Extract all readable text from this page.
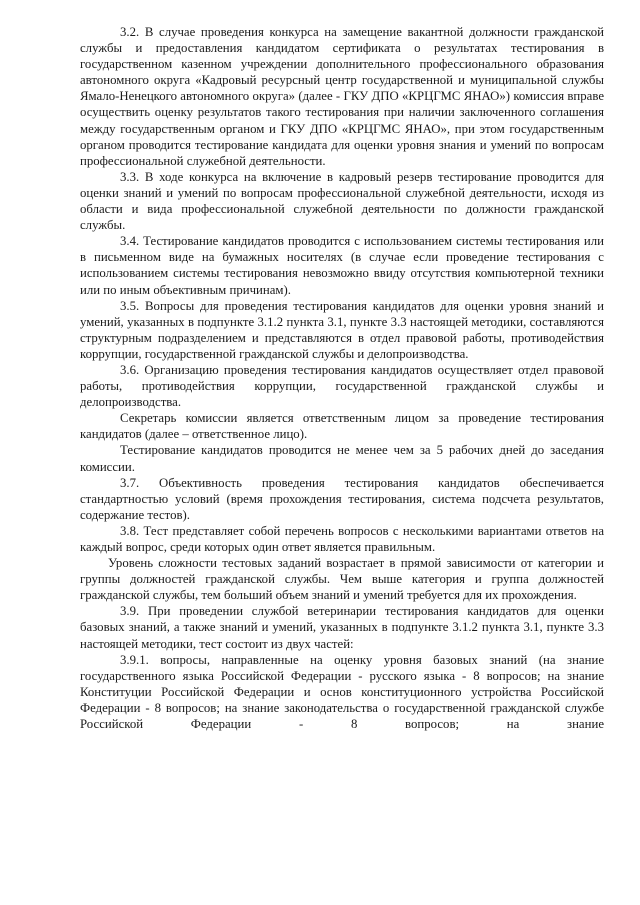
3.2. В случае проведения конкурса на замещение вакантной должности гражданской службы и предоставления кандидатом сертификата о результатах тестирования в государственном казенном учреждении дополнительного профессионального образования автономного округа «Кадровый ресурсный центр государственной и муниципальной службы Ямало-Ненецкого автономного округа» (далее - ГКУ ДПО «КРЦГМС ЯНАО») комиссия вправе осуществить оценку результатов такого тестирования при наличии заключенного соглашения между государственным органом и ГКУ ДПО «КРЦГМС ЯНАО», при этом государственным органом проводится тестирование кандидата для оценки уровня знания и умений по вопросам профессиональной служебной деятельности.

3.3. В ходе конкурса на включение в кадровый резерв тестирование проводится для оценки знаний и умений по вопросам профессиональной служебной деятельности, исходя из области и вида профессиональной служебной деятельности по должности гражданской службы.

3.4. Тестирование кандидатов проводится с использованием системы тестирования или в письменном виде на бумажных носителях (в случае если проведение тестирования с использованием системы тестирования невозможно ввиду отсутствия компьютерной техники или по иным объективным причинам).

3.5. Вопросы для проведения тестирования кандидатов для оценки уровня знаний и умений, указанных в подпункте 3.1.2 пункта 3.1, пункте 3.3 настоящей методики, составляются структурным подразделением и представляются в отдел правовой работы, противодействия коррупции, государственной гражданской службы и делопроизводства.

3.6. Организацию проведения тестирования кандидатов осуществляет отдел правовой работы, противодействия коррупции, государственной гражданской службы и делопроизводства.

Секретарь комиссии является ответственным лицом за проведение тестирования кандидатов (далее – ответственное лицо).

Тестирование кандидатов проводится не менее чем за 5 рабочих дней до заседания комиссии.

3.7. Объективность проведения тестирования кандидатов обеспечивается стандартностью условий (время прохождения тестирования, система подсчета результатов, содержание тестов).

3.8. Тест представляет собой перечень вопросов с несколькими вариантами ответов на каждый вопрос, среди которых один ответ является правильным.

Уровень сложности тестовых заданий возрастает в прямой зависимости от категории и группы должностей гражданской службы. Чем выше категория и группа должностей гражданской службы, тем больший объем знаний и умений требуется для их прохождения.

3.9. При проведении службой ветеринарии тестирования кандидатов для оценки базовых знаний, а также знаний и умений, указанных в подпункте 3.1.2 пункта 3.1, пункте 3.3 настоящей методики, тест состоит из двух частей:

3.9.1. вопросы, направленные на оценку уровня базовых знаний (на знание государственного языка Российской Федерации - русского языка - 8 вопросов; на знание Конституции Российской Федерации и основ конституционного устройства Российской Федерации - 8 вопросов; на знание законодательства о государственной гражданской службе Российской Федерации - 8 вопросов; на знание
